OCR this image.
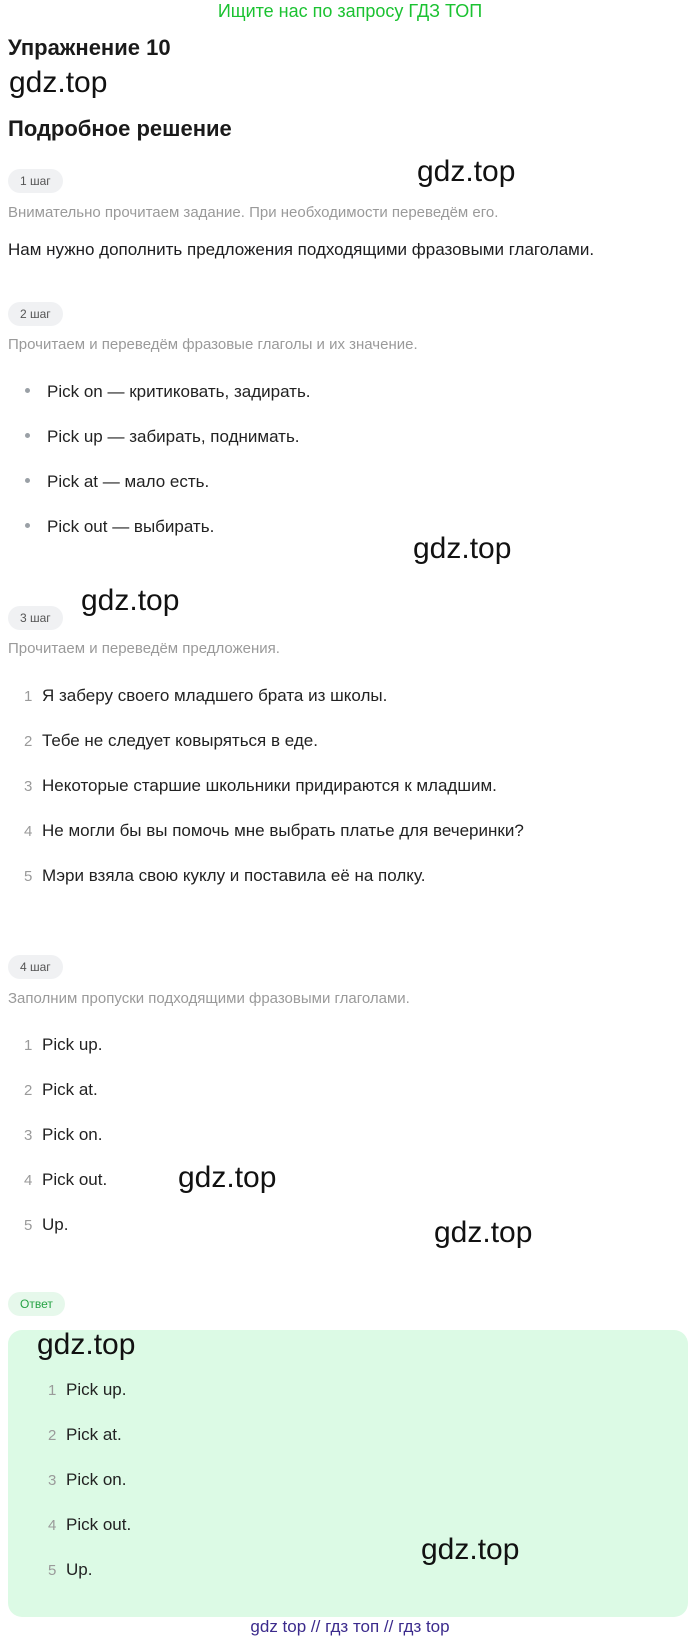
Ищите нас по запросу ГДЗ ТОП
Упражнение 10
gdz.top
Подробное решение
1 шаг	gdz.top
Внимательно прочитаем задание. При необходимости переведём его.
Нам нужно дополнить предложения подходящими фразовыми глаголами.
2 шаг
Прочитаем и переведём фразовые глаголы и их значение.
Pick on — критиковать, задирать.
Pick up — забирать, поднимать.
Pick at — мало есть.
Pick out — выбирать.
gdz.top
3 шаг
gdz.top
Прочитаем и переведём предложения.
1 Я заберу своего младшего брата из школы.
2 Тебе не следует ковыряться в еде.
3 Некоторые старшие школьники придираются к младшим.
4 Не могли бы вы помочь мне выбрать платье для вечеринки?
5 Мэри взяла свою куклу и поставила её на полку.
4 шаг
Заполним пропуски подходящими фразовыми глаголами.
1 Pick up.
2 Pick at.
3 Pick on.
4 Pick out. gdz.top
5 Up.	gdz.top
Ответ
gdz.top
1 Pick up.
2 Pick at.
3 Pick on.
4 Pick out.
gdz.top
5 Up.
gdz top // гдз топ // гдз top
